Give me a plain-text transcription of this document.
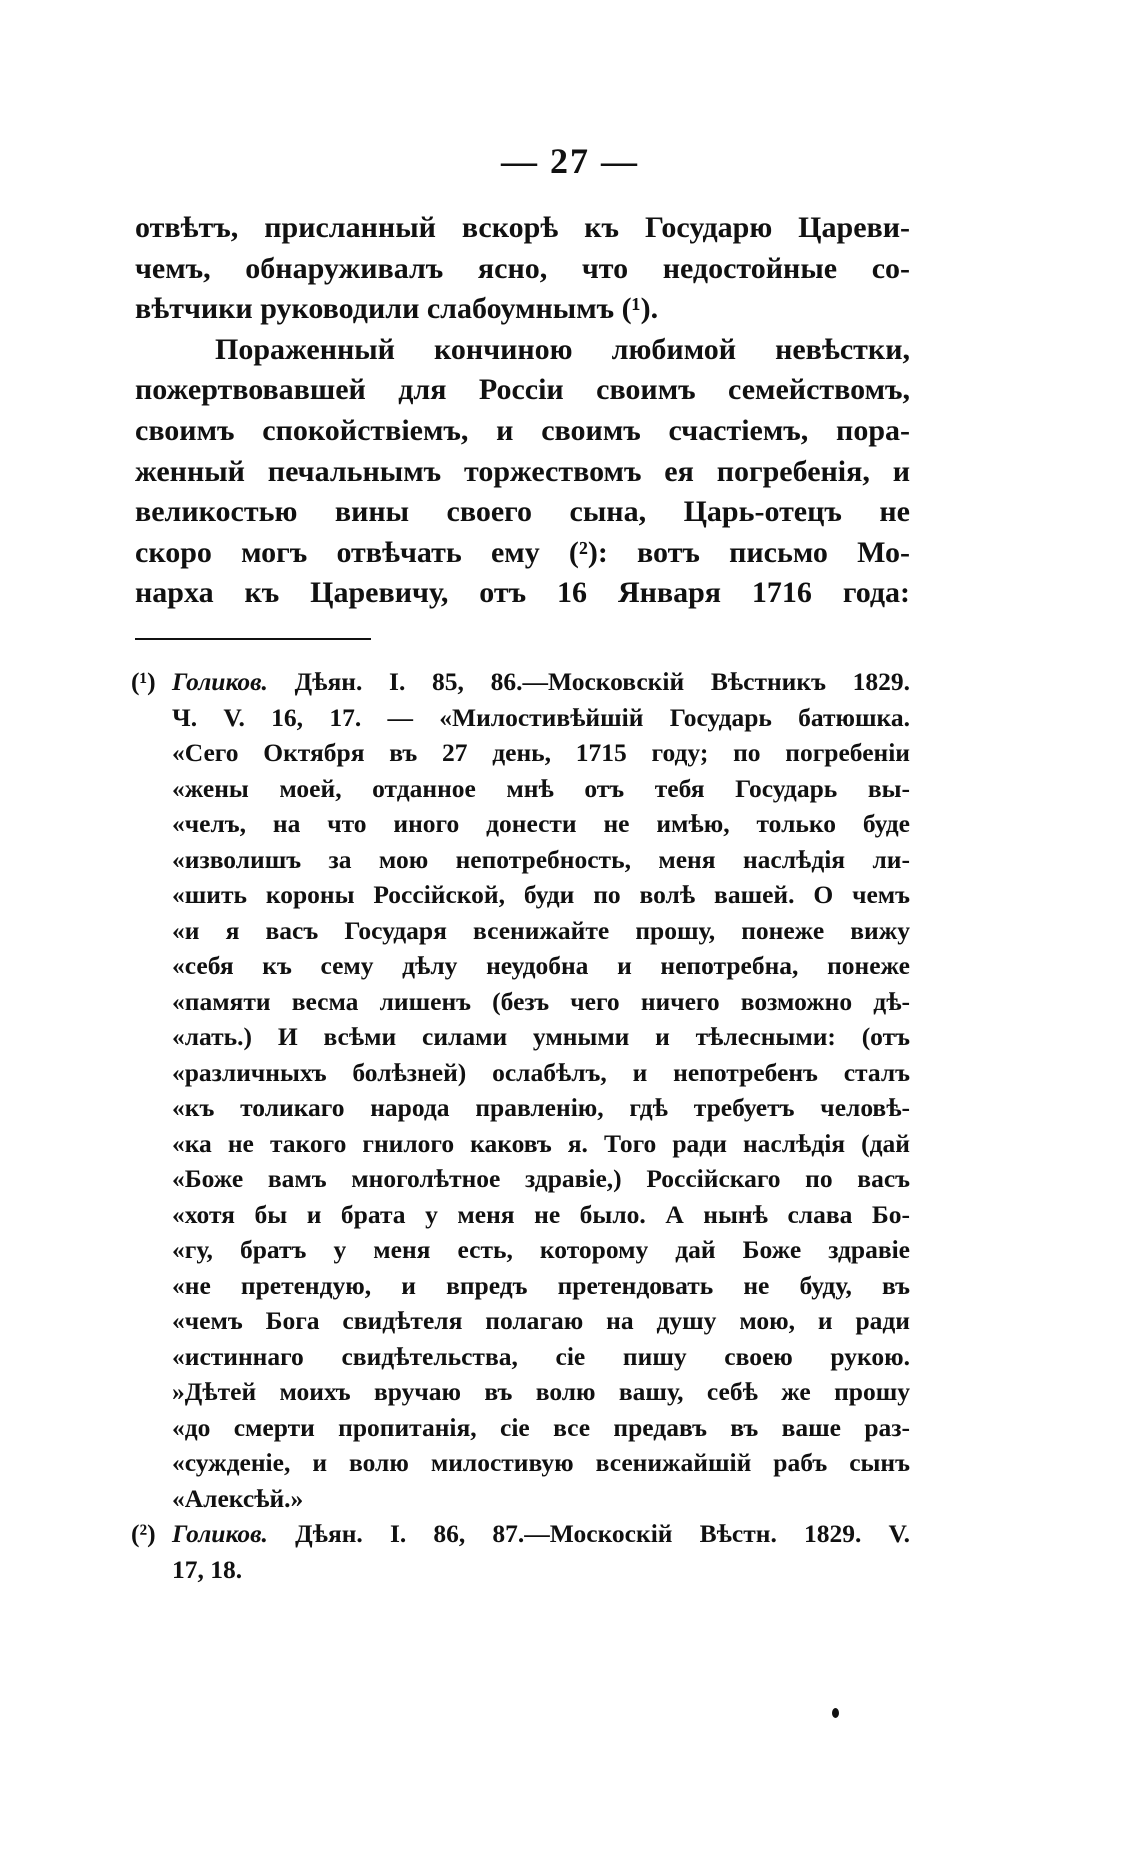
— 27 —
отвѣтъ, присланный вскорѣ къ Государю Цареви-
чемъ, обнаруживалъ ясно, что недостойные со-
вѣтчики руководили слабоумнымъ (¹).
Пораженный кончиною любимой невѣстки,
пожертвовавшей для Россіи своимъ семействомъ,
своимъ спокойствіемъ, и своимъ счастіемъ, пора-
женный печальнымъ торжествомъ ея погребенія, и
великостью вины своего сына, Царь-отецъ не
скоро могъ отвѣчать ему (²): вотъ письмо Мо-
нарха къ Царевичу, отъ 16 Января 1716 года:
(¹) Голиков. Дѣян. I. 85, 86.—Московскій Вѣстникъ 1829.
Ч. V. 16, 17. — «Милостивѣйшій Государь батюшка.
«Сего Октября въ 27 день, 1715 году; по погребеніи
«жены моей, отданное мнѣ отъ тебя Государь вы-
«челъ, на что иного донести не имѣю, только буде
«изволишъ за мою непотребность, меня наслѣдія ли-
«шить короны Россійской, буди по волѣ вашей. О чемъ
«и я васъ Государя всенижайте прошу, понеже вижу
«себя къ сему дѣлу неудобна и непотребна, понеже
«памяти весма лишенъ (безъ чего ничего возможно дѣ-
«лать.) И всѣми силами умными и тѣлесными: (отъ
«различныхъ болѣзней) ослабѣлъ, и непотребенъ сталъ
«къ толикаго народа правленію, гдѣ требуетъ человѣ-
«ка не такого гнилого каковъ я. Того ради наслѣдія (дай
«Боже вамъ многолѣтное здравіе,) Россійскаго по васъ
«хотя бы и брата у меня не было. А нынѣ слава Бо-
«гу, братъ у меня есть, которому дай Боже здравіе
«не претендую, и впредъ претендовать не буду, въ
«чемъ Бога свидѣтеля полагаю на душу мою, и ради
«истиннаго свидѣтельства, сіе пишу своею рукою.
»Дѣтей моихъ вручаю въ волю вашу, себѣ же прошу
«до смерти пропитанія, сіе все предавъ въ ваше раз-
«сужденіе, и волю милостивую всенижайшій рабъ сынъ
«Алексѣй.»
(²) Голиков. Дѣян. I. 86, 87.—Москоскій Вѣстн. 1829. V.
17, 18.
